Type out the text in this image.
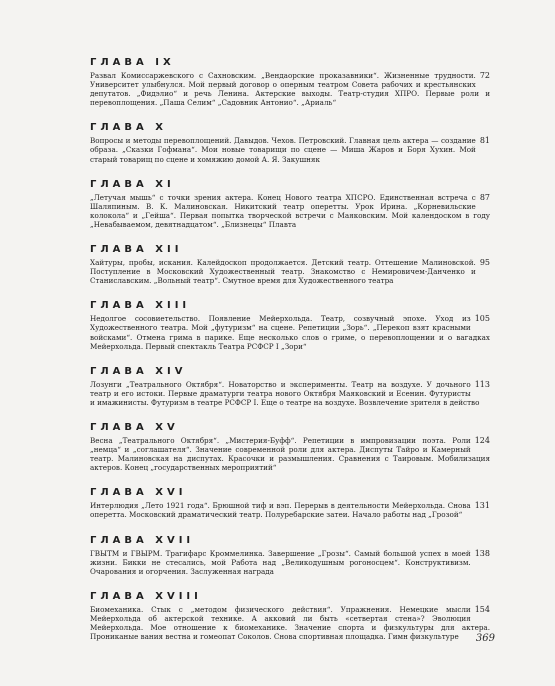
ГЛАВА IX
72
Развал Комиссаржевского с Сахновским. „Вендаорские проказавники“. Жизненные трудности. Университет улыбнулся. Мой первый договор о оперным театром Совета рабочих и крестьянских депутатов. „Фидэлио“ и речь Ленина. Актерские выходы. Театр-студия ХПРО. Первые роли и перевоплощения. „Паша Селим“ „Садовник Антонио“. „Ариаль“
ГЛАВА X
81
Вопросы и методы перевоплощений. Давыдов. Чехов. Петровский. Главная цель актера — создание образа. „Сказки Гофмана“. Мои новые товарищи по сцене — Миша Жаров и Боря Хухин. Мой старый товарищ по сцене и хомяжию домой А. Я. Закушняк
ГЛАВА XI
87
„Летучая мышь“ с точки зрения актера. Конец Нового театра ХПСРО. Единственная встреча с Шаляпиным. В. К. Малиновская. Никитский театр оперетты. Урок Ирина. „Корневильские колокола“ и „Гейша“. Первая попытка творческой встречи с Маяковским. Мой календоском в году „Невабываемом, девятнадцатом“. „Близнецы“ Плавта
ГЛАВА XII
95
Хайтуры, пробы, искания. Калейдоскоп продолжается. Детский театр. Оттешение Малиновской. Поступление в Московский Художественный театр. Знакомство с Немировичем-Данченко и Станиславским. „Вольный театр“. Смутное время для Художественного театра
ГЛАВА XIII
105
Недолгое сосовиетельство. Появление Мейерхольда. Театр, созвучный эпохе. Уход из Художественного театра. Мой „футуризм“ на сцене. Репетиции „Зорь“. „Перекоп взят красными войсками“. Отмена грима в парике. Еще несколько слов о гриме, о перевоплощении и о вагадках Мейерхольда. Первый спектакль Театра РСФСР I „Зори“
ГЛАВА XIV
113
Лозунги „Театрального Октября“. Новаторство и эксперименты. Театр на воздухе. У дочьного театр и его истоки. Первые драматурги театра нового Октября Маяковский и Есенин. Футуристы и имажинисты. Футуризм в театре РСФСР I. Еще о театре на воздухе. Возвлечение зрителя в действо
ГЛАВА XV
124
Весна „Театрального Октября“. „Мистерия-Буфф“. Репетиции в импровизации поэта. Роли „немца“ и „соглашателя“. Значение современной роли для актера. Диспуты Тайро и Камерный театр. Малиновская на диспутах. Красочки и размышления. Сравнения с Таировым. Мобилизация актеров. Конец „государственных мероприятий“
ГЛАВА XVI
131
Интерлюдия „Лето 1921 года“. Брюшной тиф и вэп. Перерыв в деятельности Мейерхольда. Снова оперетта. Московский драматический театр. Полуребарские затеи. Начало работы над „Грозой“
ГЛАВА XVII
138
ГВЫТМ и ГВЫРМ. Трагифарс Кроммелинка. Завершение „Грозы“. Самый большой успех в моей жизни. Бикки не стесались, мой Работа над „Великодушным рогоносцем“. Конструктивизм. Очарования и огорчения. Заслуженная награда
ГЛАВА XVIII
154
Биомеханика. Стык с „методом физического действия“. Упражнения. Немецкие мысли Мейерхольда об актерской технике. А акковий ли быть «сетвертая стена»? Эволюция Мейерхольда. Мое отношение к биомеханике. Значение спорта и физкультуры для актера. Прониканые вания вестна и гомеопат Соколов. Снова спортивная площадка. Гимн физкультуре	369
